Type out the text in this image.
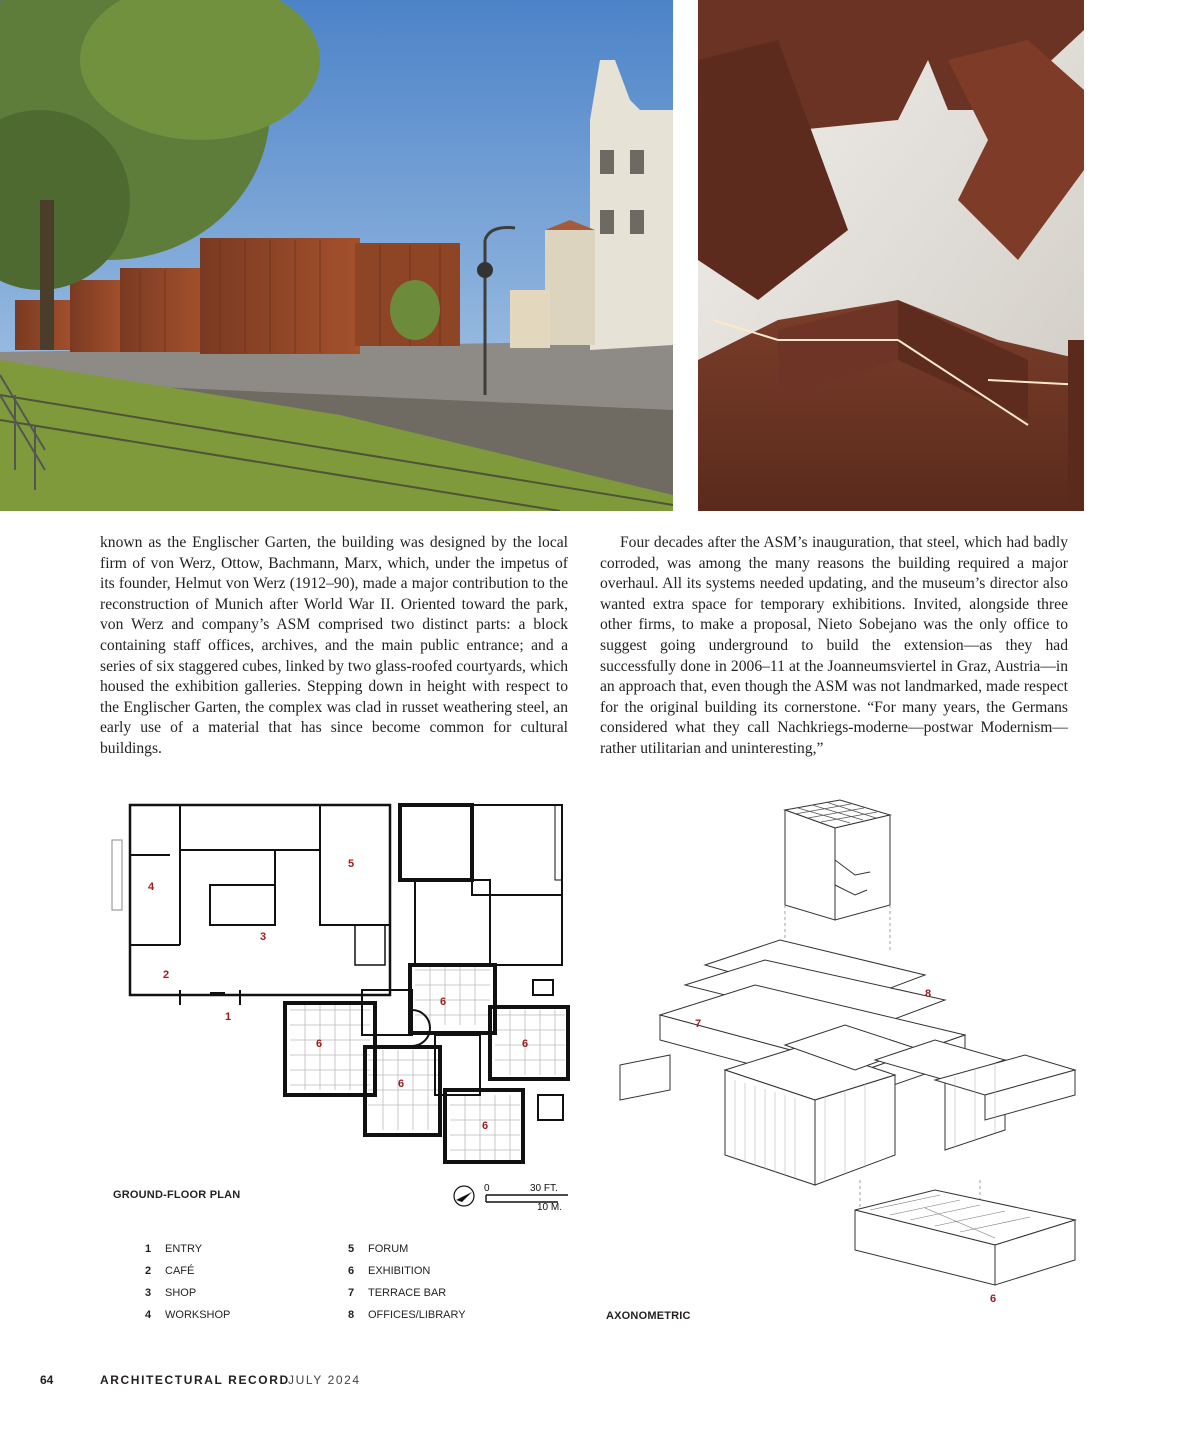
known as the Englischer Garten, the building was designed by the local firm of von Werz, Ottow, Bachmann, Marx, which, under the impetus of its founder, Helmut von Werz (1912–90), made a major contribution to the reconstruction of Munich after World War II. Oriented toward the park, von Werz and company’s ASM comprised two distinct parts: a block containing staff offices, archives, and the main public entrance; and a series of six staggered cubes, linked by two glass-roofed courtyards, which housed the exhibition galleries. Stepping down in height with respect to the Englischer Garten, the complex was clad in russet weathering steel, an early use of a material that has since become common for cultural buildings.

Four decades after the ASM’s inauguration, that steel, which had badly corroded, was among the many reasons the building required a major overhaul. All its systems needed updating, and the museum’s director also wanted extra space for temporary exhibitions. Invited, alongside three other firms, to make a proposal, Nieto Sobejano was the only office to suggest going underground to build the extension—as they had successfully done in 2006–11 at the Joanneumsviertel in Graz, Austria—in an approach that, even though the ASM was not landmarked, made respect for the original building its cornerstone. “For many years, the Germans considered what they call Nachkriegs-moderne—postwar Modernism—rather utilitarian and uninteresting,”

5
4
3
2
1
6
6	6
6
6
GROUND-FLOOR PLAN
0	30 FT.
10 M.
1 ENTRY
2 CAFÉ
3 SHOP
4 WORKSHOP
5 FORUM
6 EXHIBITION
7 TERRACE BAR
8 OFFICES/LIBRARY
8
7
6
AXONOMETRIC
64	ARCHITECTURAL RECORD
JULY 2024
